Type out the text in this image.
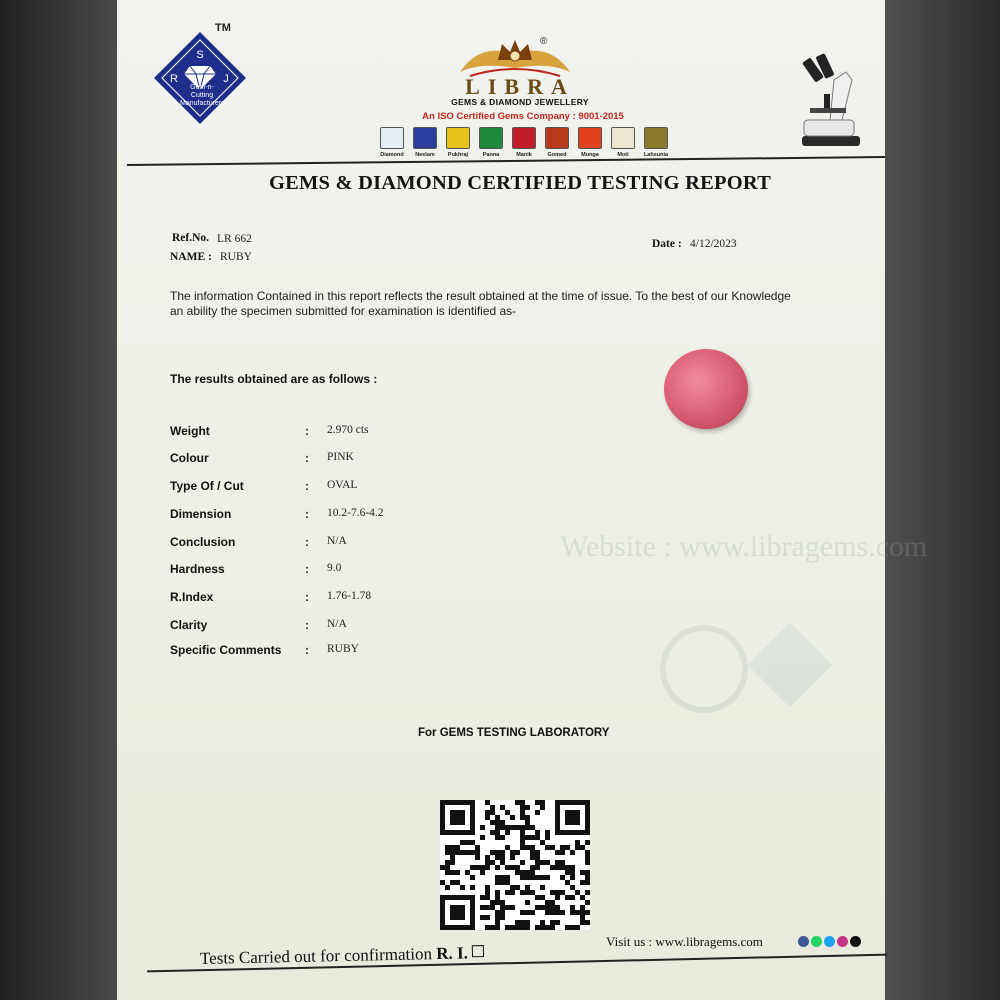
S
R	J
TM
Gem-n-Cutting Manufacturers
®
LIBRA
GEMS & DIAMOND JEWELLERY
An ISO Certified Gems Company : 9001-2015
Diamond	Neelam	Pukhraj	Panna	Manik	Gomed	Munga	Moti	Lahsunia
GEMS & DIAMOND CERTIFIED TESTING REPORT
Ref.No. LR 662
NAME : RUBY
Date : 4/12/2023
The information Contained in this report reflects the result obtained at the time of issue. To the best of our Knowledge an ability the specimen submitted for examination is identified as-
The results obtained are as follows :
Website : www.libragems.com
Weight	: 2.970 cts
Colour	: PINK
Type Of / Cut	: OVAL
Dimension	: 10.2-7.6-4.2
Conclusion	: N/A
Hardness	: 9.0
R.Index	: 1.76-1.78
Clarity	: N/A
Specific Comments : RUBY
For GEMS TESTING LABORATORY
Visit us : www.libragems.com
Tests Carried out for confirmation R. I.
